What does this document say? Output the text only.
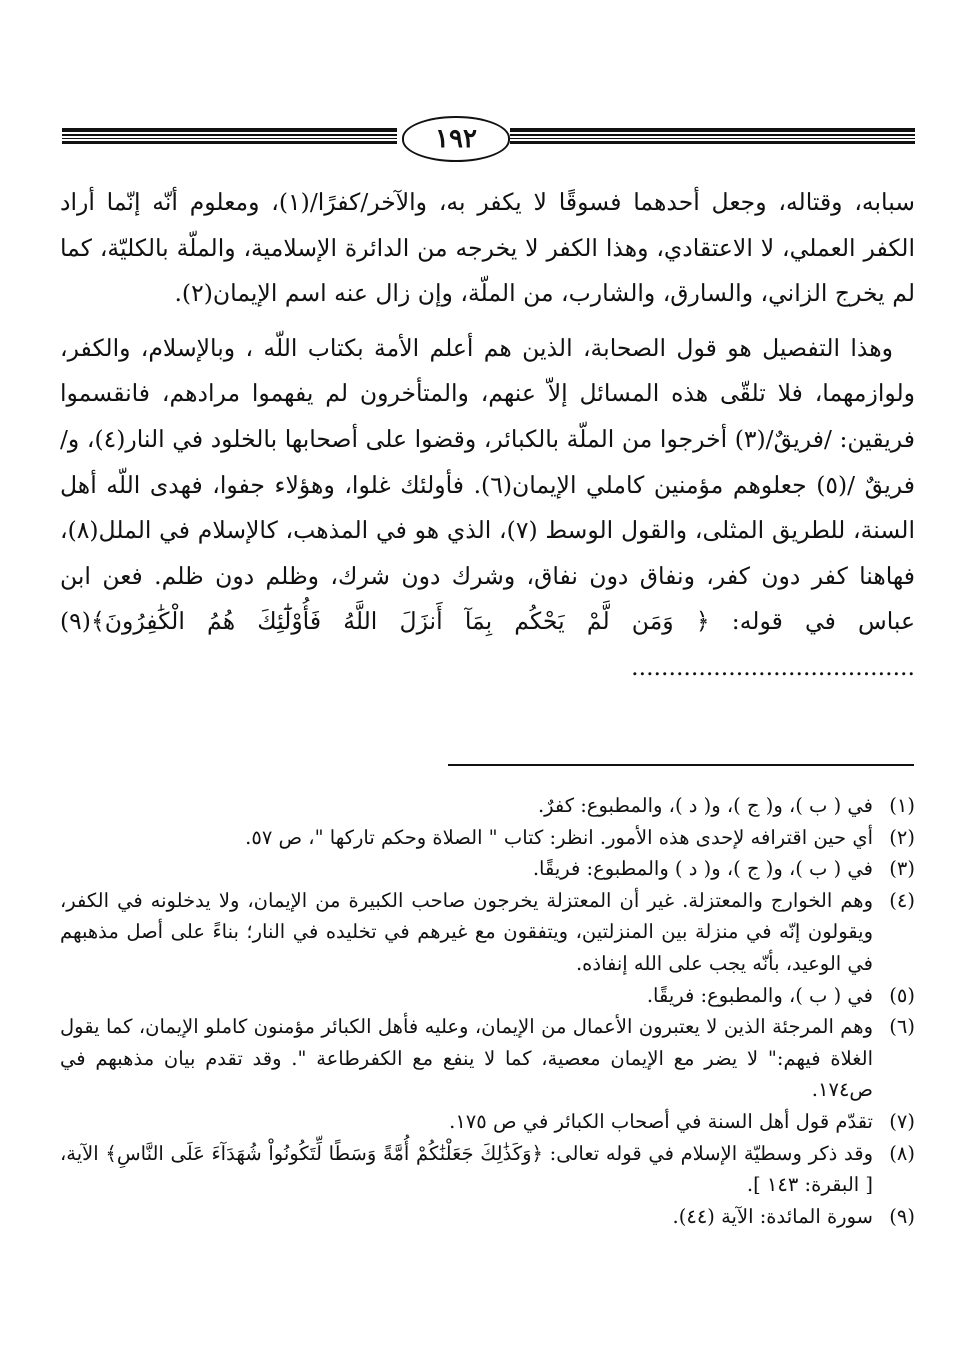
١٩٢

سبابه، وقتاله، وجعل أحدهما فسوقًا لا يكفر به، والآخر/كفرًا/(١)، ومعلوم أنّه إنّما أراد الكفر العملي، لا الاعتقادي، وهذا الكفر لا يخرجه من الدائرة الإسلامية، والملّة بالكليّة، كما لم يخرج الزاني، والسارق، والشارب، من الملّة، وإن زال عنه اسم الإيمان(٢).

وهذا التفصيل هو قول الصحابة، الذين هم أعلم الأمة بكتاب اللّه ، وبالإسلام، والكفر، ولوازمهما، فلا تلقّى هذه المسائل إلاّ عنهم، والمتأخرون لم يفهموا مرادهم، فانقسموا فريقين: /فريقٌ/(٣) أخرجوا من الملّة بالكبائر، وقضوا على أصحابها بالخلود في النار(٤)، و/ فريقٌ /(٥) جعلوهم مؤمنين كاملي الإيمان(٦). فأولئك غلوا، وهؤلاء جفوا، فهدى اللّه أهل السنة، للطريق المثلى، والقول الوسط (٧)، الذي هو في المذهب، كالإسلام في الملل(٨)، فهاهنا كفر دون كفر، ونفاق دون نفاق، وشرك دون شرك، وظلم دون ظلم. فعن ابن عباس في قوله: ﴿ وَمَن لَّمْ يَحْكُم بِمَآ أَنزَلَ اللَّهُ فَأُوْلَٰٓئِكَ هُمُ الْكَٰفِرُونَ﴾(٩) ......................................

(١)
في ( ب )، و( ج )، و( د )، والمطبوع: كفرٌ.
(٢)
أي حين اقترافه لإحدى هذه الأمور. انظر: كتاب " الصلاة وحكم تاركها "، ص ٥٧.
(٣)
في ( ب )، و( ج )، و( د ) والمطبوع: فريقًا.
(٤)
وهم الخوارج والمعتزلة. غير أن المعتزلة يخرجون صاحب الكبيرة من الإيمان، ولا يدخلونه في الكفر، ويقولون إنّه في منزلة بين المنزلتين، ويتفقون مع غيرهم في تخليده في النار؛ بناءً على أصل مذهبهم في الوعيد، بأنّه يجب على الله إنفاذه.
(٥)
في ( ب )، والمطبوع: فريقًا.
(٦)
وهم المرجئة الذين لا يعتبرون الأعمال من الإيمان، وعليه فأهل الكبائر مؤمنون كاملو الإيمان، كما يقول الغلاة فيهم:" لا يضر مع الإيمان معصية، كما لا ينفع مع الكفرطاعة ". وقد تقدم بيان مذهبهم في ص١٧٤.
(٧)
تقدّم قول أهل السنة في أصحاب الكبائر في ص ١٧٥.
(٨)
وقد ذكر وسطيّة الإسلام في قوله تعالى: ﴿وَكَذَٰلِكَ جَعَلْنَٰكُمْ أُمَّةً وَسَطًا لِّتَكُونُواْ شُهَدَآءَ عَلَى النَّاسِ﴾ الآية، [ البقرة: ١٤٣ ].
(٩)
سورة المائدة: الآية (٤٤).
